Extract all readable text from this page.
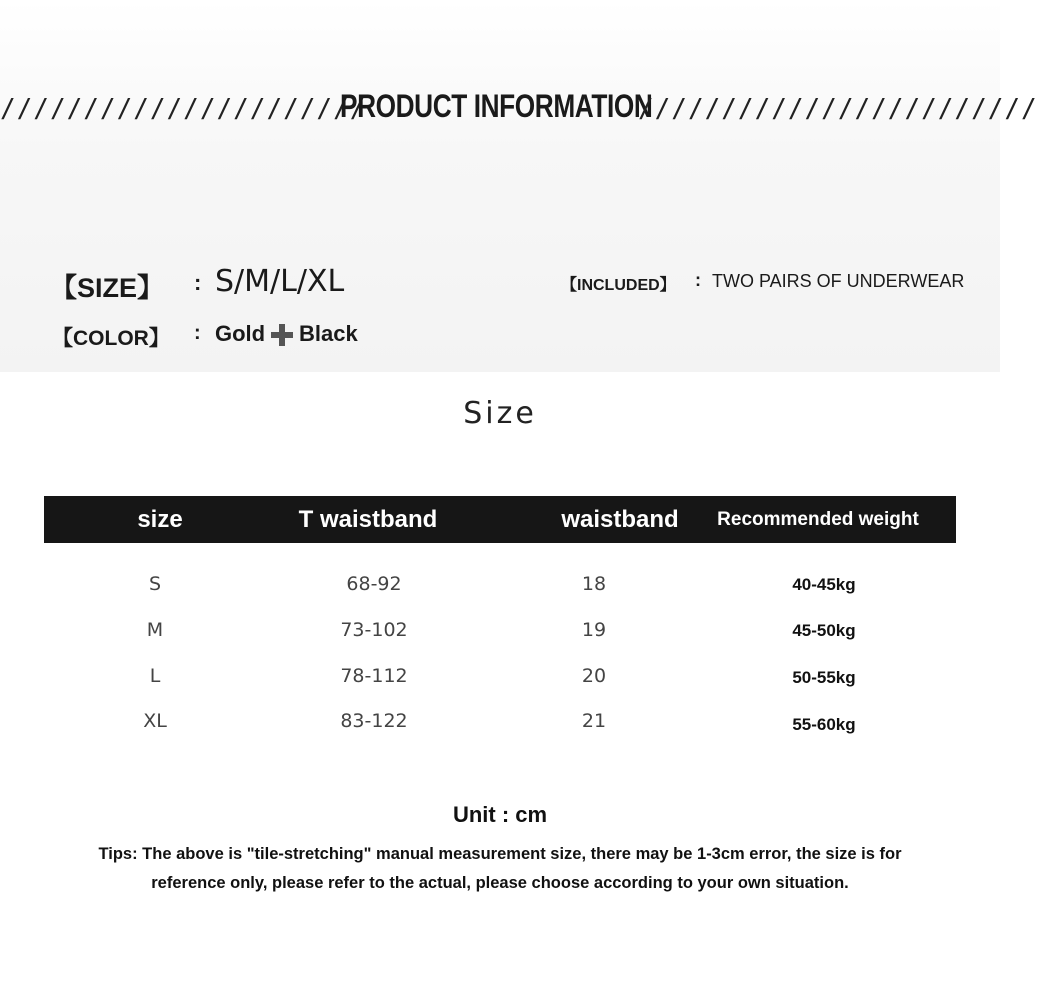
//////////////////////
PRODUCT INFORMATION
////////////////////////
【SIZE】 : S/M/L/XL
【COLOR】 : Gold Black
【INCLUDED】 : TWO PAIRS OF UNDERWEAR
Size
size	T waistband	waistband	Recommended weight
S	68-92	18	40-45kg
M	73-102	19	45-50kg
L	78-112	20	50-55kg
XL	83-122	21	55-60kg
Unit : cm
Tips: The above is "tile-stretching" manual measurement size, there may be 1-3cm error, the size is for reference only, please refer to the actual, please choose according to your own situation.
